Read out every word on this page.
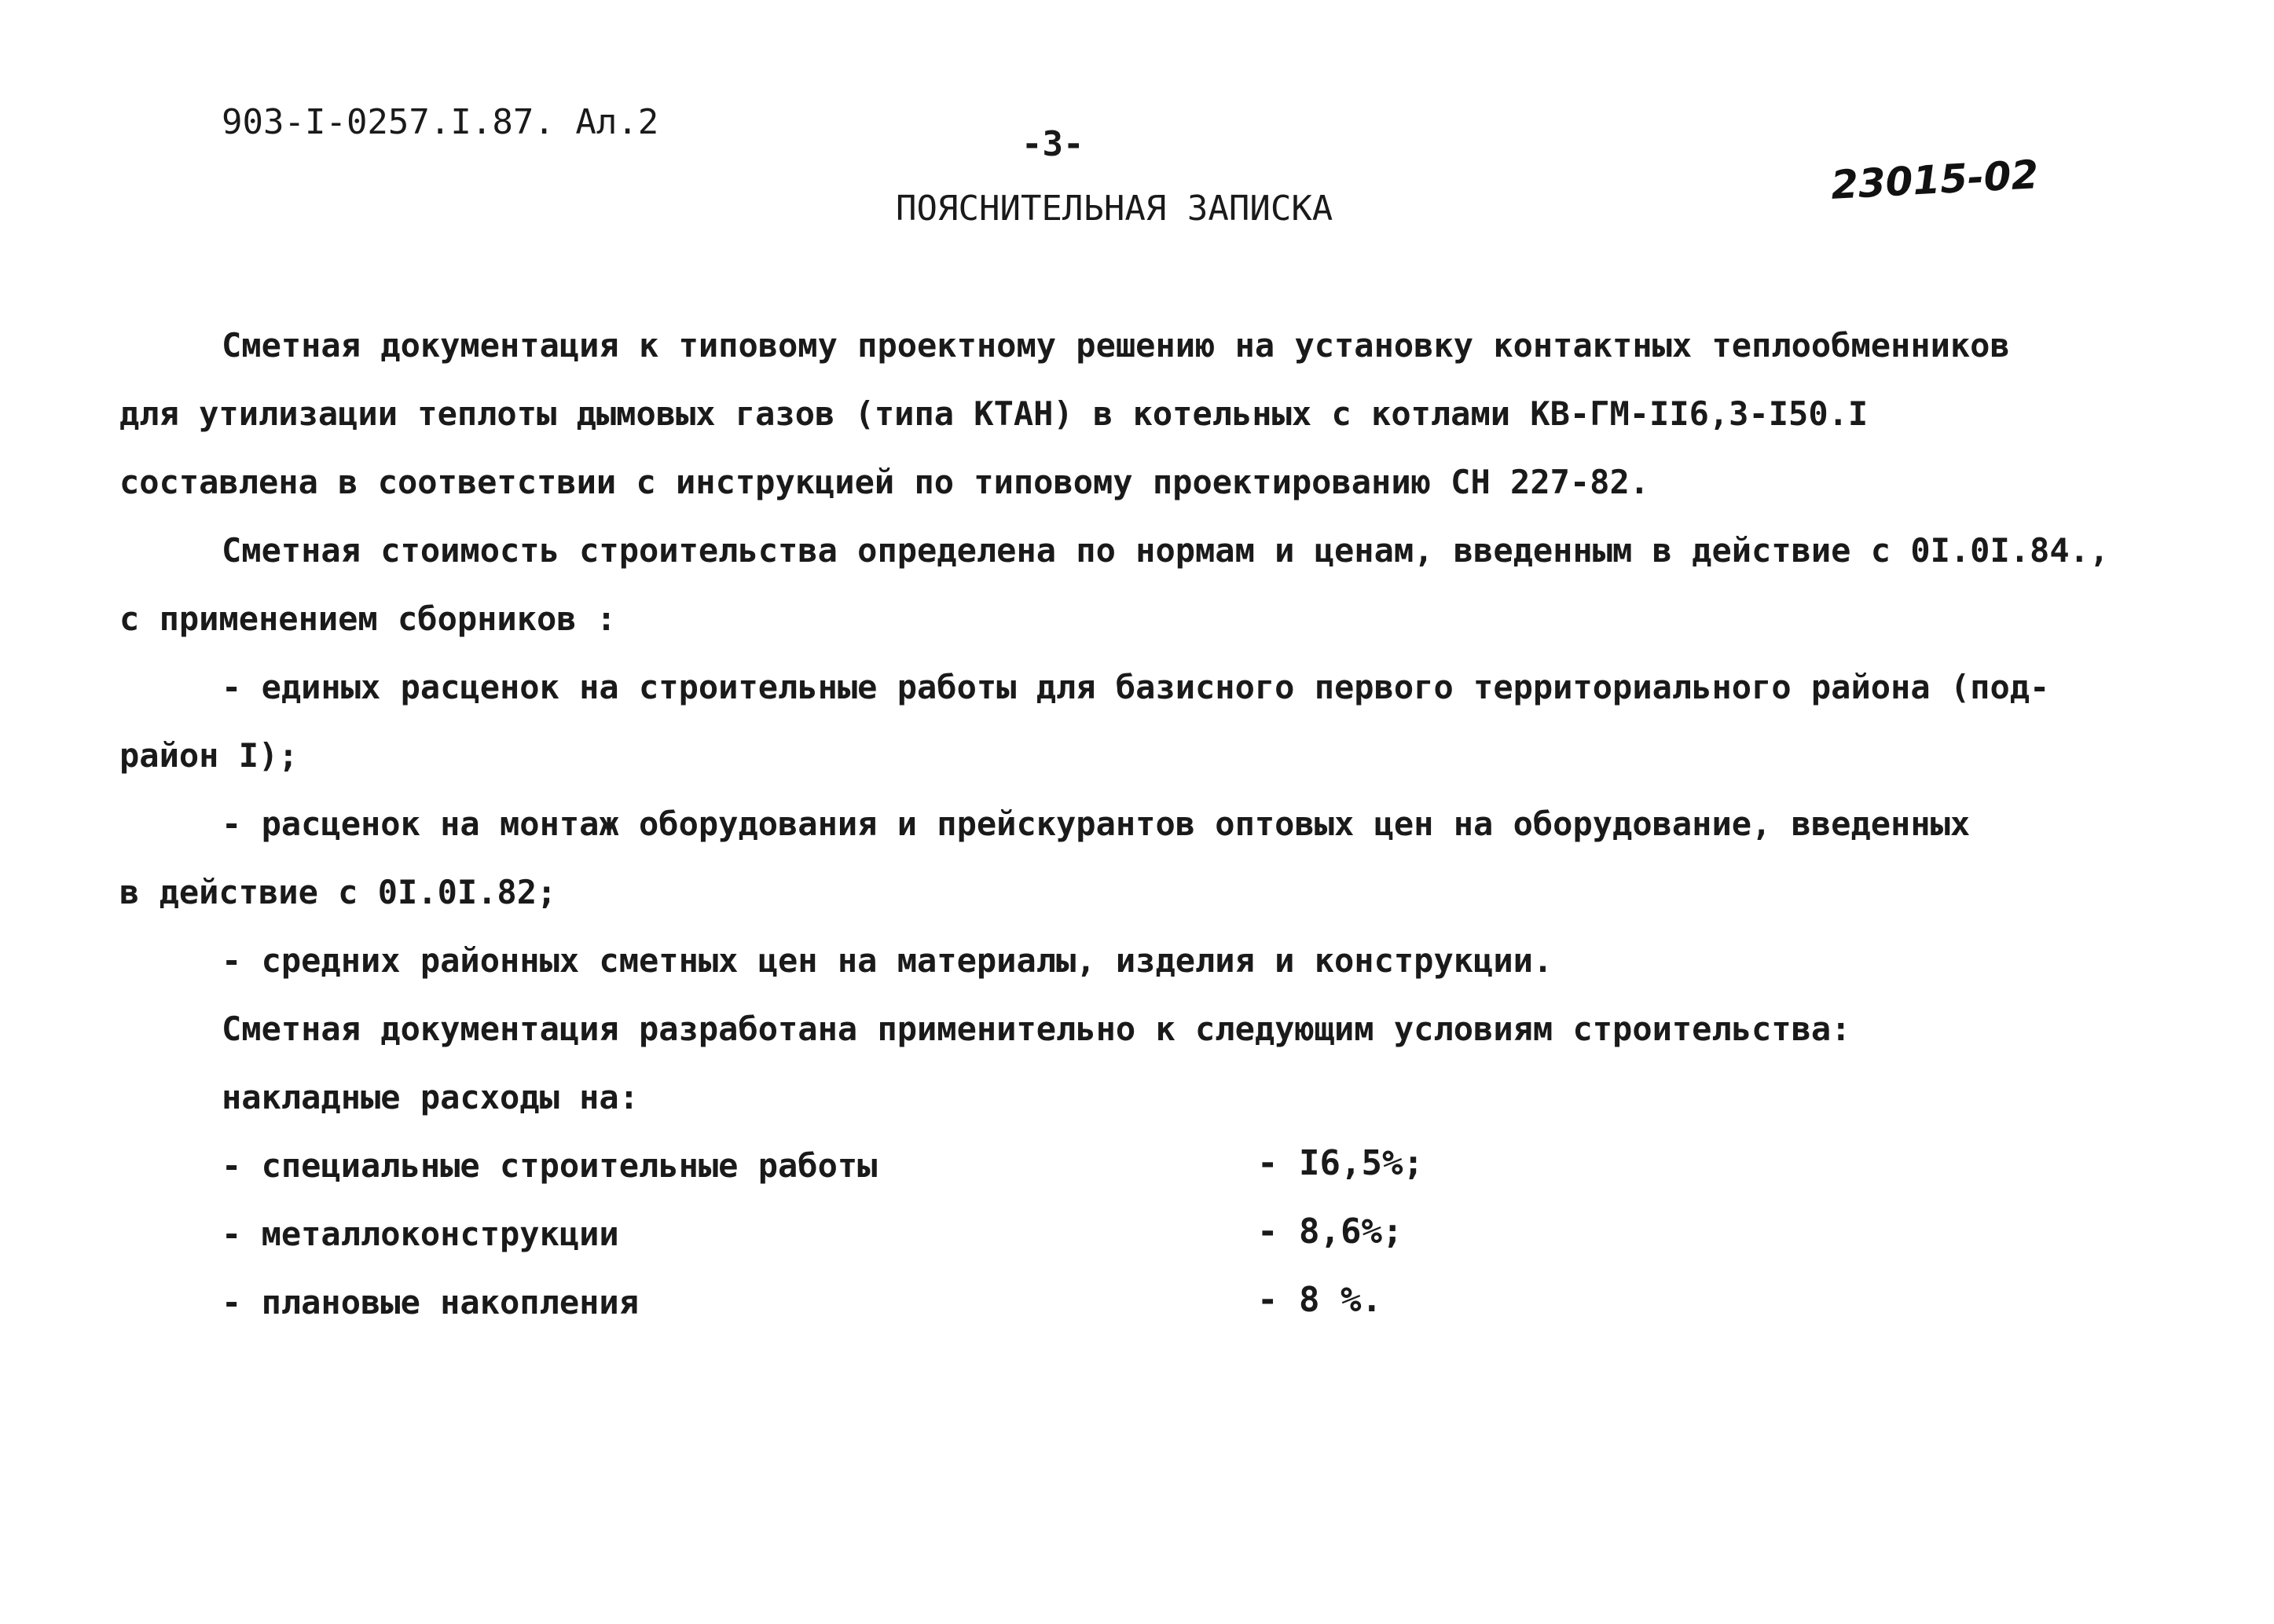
903-I-0257.I.87. Ал.2
-3-
23015-02
ПОЯСНИТЕЛЬНАЯ ЗАПИСКА
Сметная документация к типовому проектному решению на установку контактных теплообменников
для утилизации теплоты дымовых газов (типа КТАН) в котельных с котлами КВ-ГМ-II6,3-I50.I
составлена в соответствии с инструкцией по типовому проектированию СН 227-82.
Сметная стоимость строительства определена по нормам и ценам, введенным в действие с 0I.0I.84.,
с применением сборников :
- единых расценок на строительные работы для базисного первого территориального района (под-
район I);
- расценок на монтаж оборудования и прейскурантов оптовых цен на оборудование, введенных
в действие с 0I.0I.82;
- средних районных сметных цен на материалы, изделия и конструкции.
Сметная документация разработана применительно к следующим условиям строительства:
накладные расходы на:
- специальные строительные работы	- I6,5%;
- металлоконструкции	- 8,6%;
- плановые накопления	- 8 %.
